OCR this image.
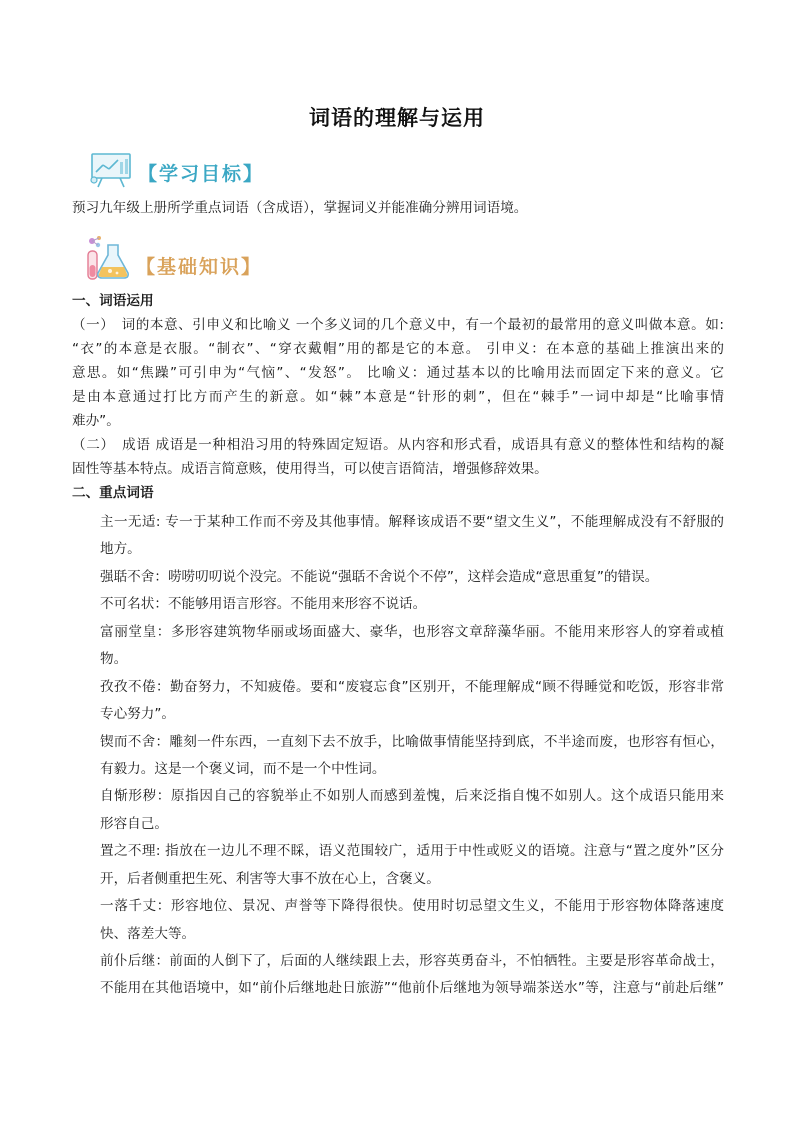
词语的理解与运用
【学习目标】
预习九年级上册所学重点词语（含成语），掌握词义并能准确分辨用词语境。
【基础知识】
一、词语运用
（一）　词的本意、引申义和比喻义 一个多义词的几个意义中，有一个最初的最常用的意义叫做本意。如:
“衣”的本意是衣服。“制衣”、“穿衣戴帽”用的都是它的本意。 引申义：在本意的基础上推演出来的
意思。如“焦躁”可引申为“气恼”、“发怒”。 比喻义：通过基本以的比喻用法而固定下来的意义。它
是由本意通过打比方而产生的新意。如“棘”本意是“针形的刺”，但在“棘手”一词中却是“比喻事情
难办”。
（二）　成语 成语是一种相沿习用的特殊固定短语。从内容和形式看，成语具有意义的整体性和结构的凝
固性等基本特点。成语言简意赅，使用得当，可以使言语简洁，增强修辞效果。
二、重点词语
主一无适: 专一于某种工作而不旁及其他事情。解释该成语不要“望文生义”，不能理解成没有不舒服的
地方。
强聒不舍：唠唠叨叨说个没完。不能说“强聒不舍说个不停”，这样会造成“意思重复”的错误。
不可名状：不能够用语言形容。不能用来形容不说话。
富丽堂皇：多形容建筑物华丽或场面盛大、豪华，也形容文章辞藻华丽。不能用来形容人的穿着或植
物。
孜孜不倦：勤奋努力，不知疲倦。要和“废寝忘食”区别开，不能理解成“顾不得睡觉和吃饭，形容非常
专心努力”。
锲而不舍：雕刻一件东西，一直刻下去不放手，比喻做事情能坚持到底，不半途而废，也形容有恒心，
有毅力。这是一个褒义词，而不是一个中性词。
自惭形秽：原指因自己的容貌举止不如别人而感到羞愧，后来泛指自愧不如别人。这个成语只能用来
形容自己。
置之不理: 指放在一边儿不理不睬，语义范围较广，适用于中性或贬义的语境。注意与“置之度外”区分
开，后者侧重把生死、利害等大事不放在心上，含褒义。
一落千丈：形容地位、景况、声誉等下降得很快。使用时切忌望文生义，不能用于形容物体降落速度
快、落差大等。
前仆后继：前面的人倒下了，后面的人继续跟上去，形容英勇奋斗，不怕牺牲。主要是形容革命战士，
不能用在其他语境中，如“前仆后继地赴日旅游”“他前仆后继地为领导端茶送水”等，注意与“前赴后继”
